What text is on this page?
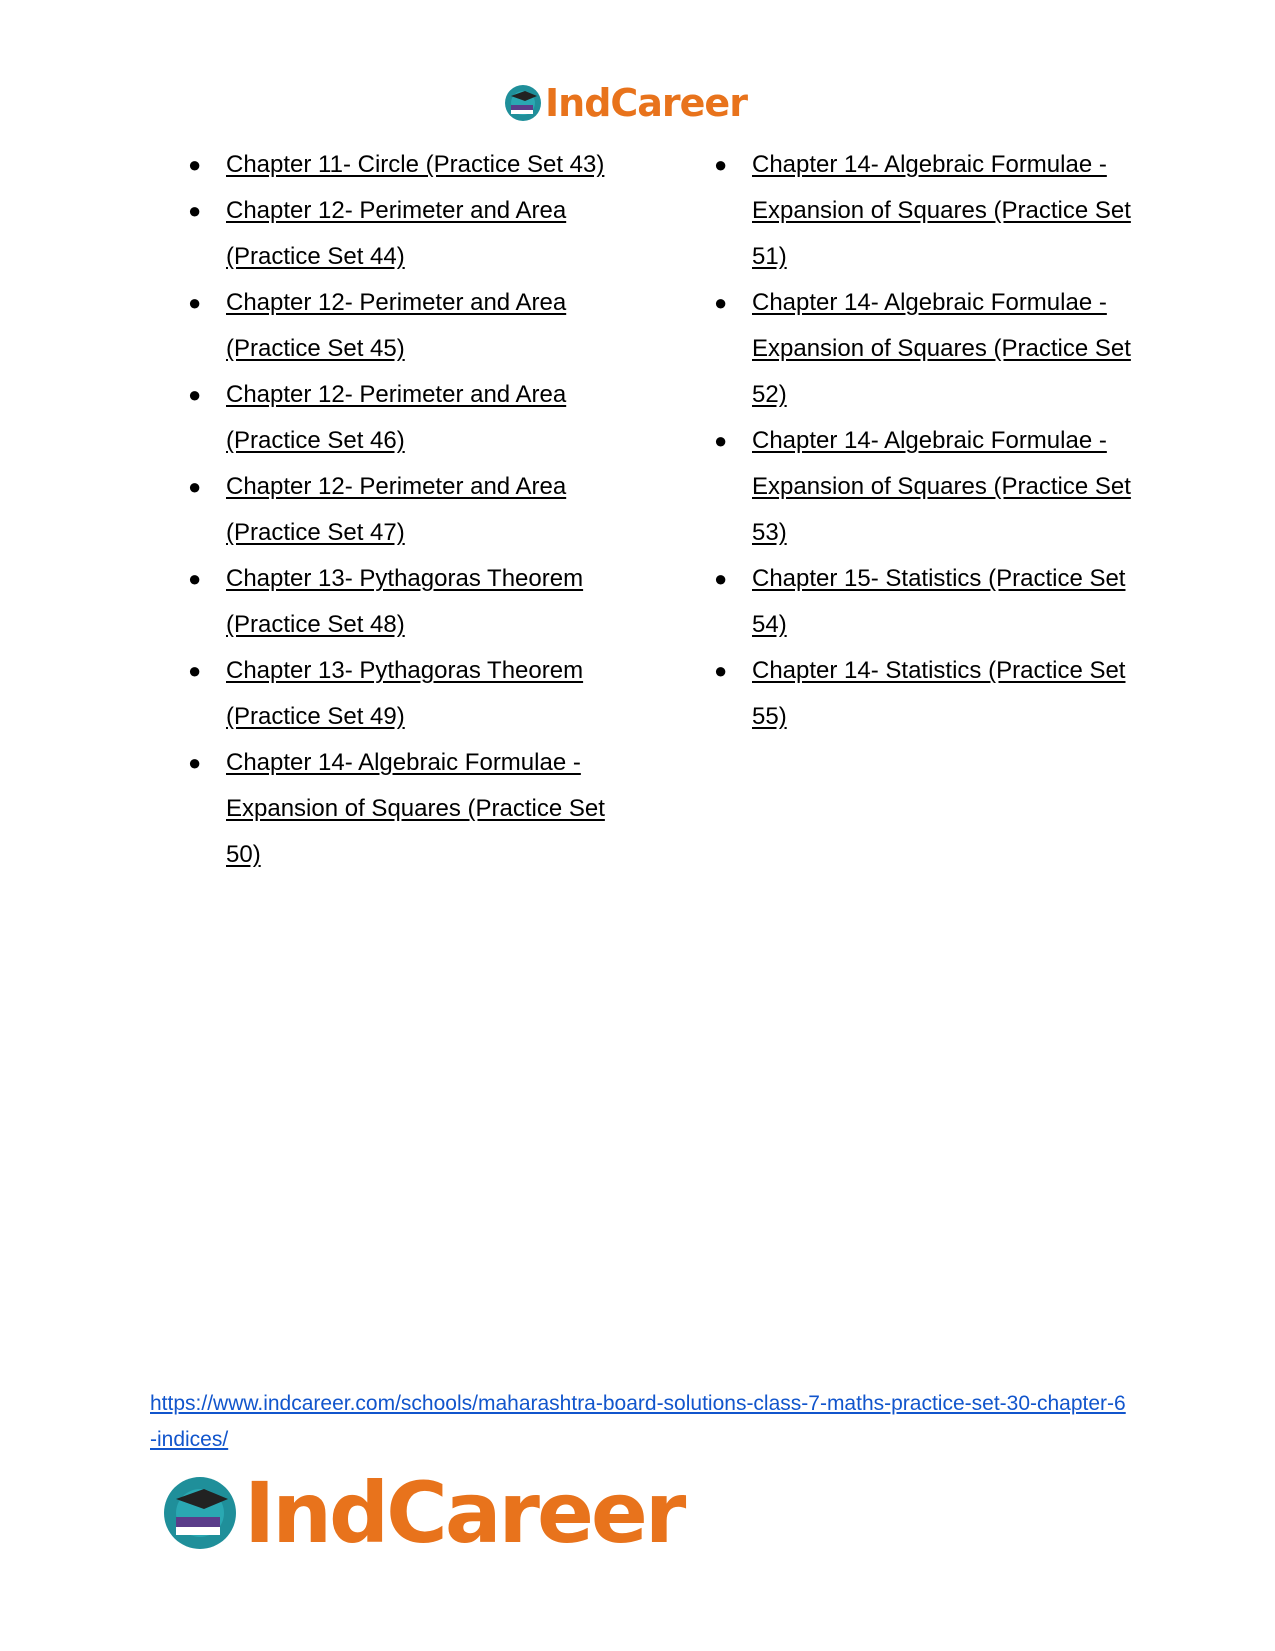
IndCareer
● Chapter 11- Circle (Practice Set 43)
● Chapter 12- Perimeter and Area (Practice Set 44)
● Chapter 12- Perimeter and Area (Practice Set 45)
● Chapter 12- Perimeter and Area (Practice Set 46)
● Chapter 12- Perimeter and Area (Practice Set 47)
● Chapter 13- Pythagoras Theorem (Practice Set 48)
● Chapter 13- Pythagoras Theorem (Practice Set 49)
● Chapter 14- Algebraic Formulae - Expansion of Squares (Practice Set 50)
● Chapter 14- Algebraic Formulae - Expansion of Squares (Practice Set 51)
● Chapter 14- Algebraic Formulae - Expansion of Squares (Practice Set 52)
● Chapter 14- Algebraic Formulae - Expansion of Squares (Practice Set 53)
● Chapter 15- Statistics (Practice Set 54)
● Chapter 14- Statistics (Practice Set 55)
https://www.indcareer.com/schools/maharashtra-board-solutions-class-7-maths-practice-set-30-chapter-6-indices/
IndCareer
